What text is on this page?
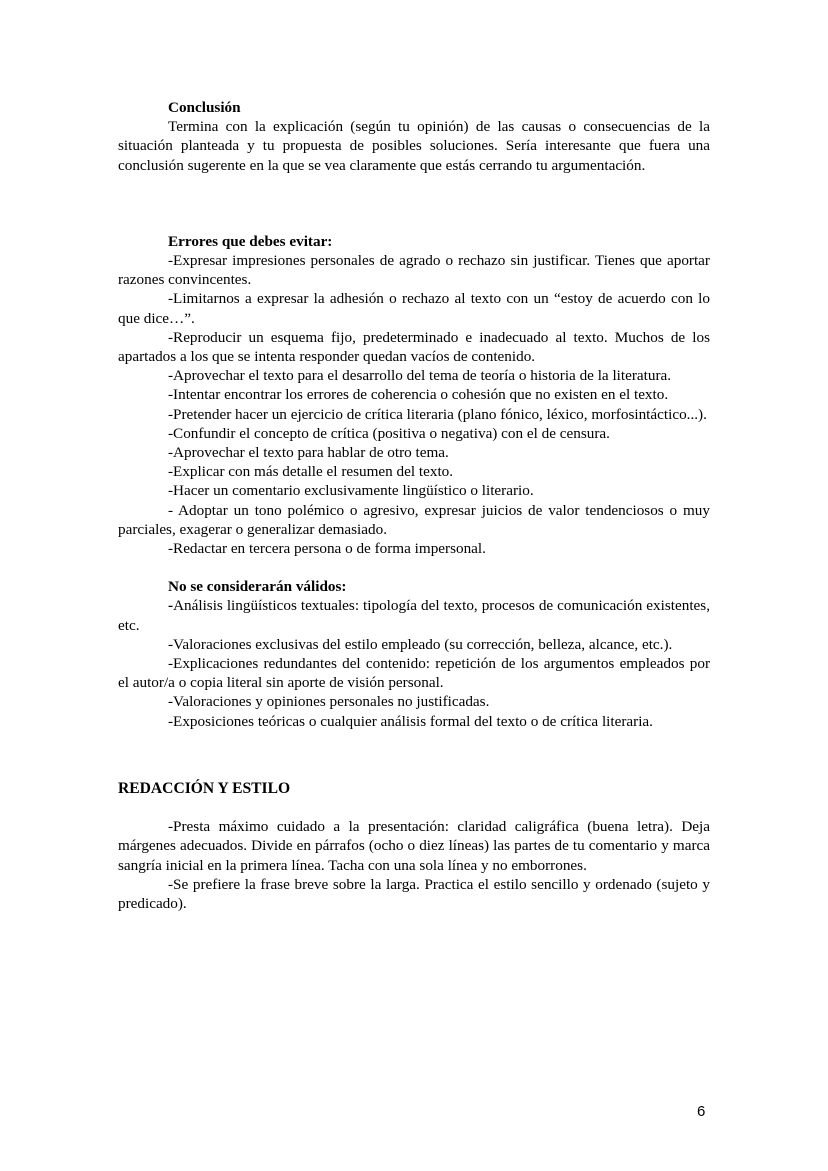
Conclusión

Termina con la explicación (según tu opinión) de las causas o consecuencias de la situación planteada y tu propuesta de posibles soluciones. Sería interesante que fuera una conclusión sugerente en la que se vea claramente que estás cerrando tu argumentación.

Errores que debes evitar:

-Expresar impresiones personales de agrado o rechazo sin justificar. Tienes que aportar razones convincentes.

-Limitarnos a expresar la adhesión o rechazo al texto con un “estoy de acuerdo con lo que dice…”.

-Reproducir un esquema fijo, predeterminado e inadecuado al texto. Muchos de los apartados a los que se intenta responder quedan vacíos de contenido.

-Aprovechar el texto para el desarrollo del tema de teoría o historia de la literatura.

-Intentar encontrar los errores de coherencia o cohesión que no existen en el texto.

-Pretender hacer un ejercicio de crítica literaria (plano fónico, léxico, morfosintáctico...).

-Confundir el concepto de crítica (positiva o negativa) con el de censura.

-Aprovechar el texto para hablar de otro tema.

-Explicar con más detalle el resumen del texto.

-Hacer un comentario exclusivamente lingüístico o literario.

- Adoptar un tono polémico o agresivo, expresar juicios de valor tendenciosos o muy parciales, exagerar o generalizar demasiado.

-Redactar en tercera persona o de forma impersonal.

No se considerarán válidos:

-Análisis lingüísticos textuales: tipología del texto, procesos de comunicación existentes, etc.

-Valoraciones exclusivas del estilo empleado (su corrección, belleza, alcance, etc.).

-Explicaciones redundantes del contenido: repetición de los argumentos empleados por el autor/a o copia literal sin aporte de visión personal.

-Valoraciones y opiniones personales no justificadas.

-Exposiciones teóricas o cualquier análisis formal del texto o de crítica literaria.

REDACCIÓN Y ESTILO

-Presta máximo cuidado a la presentación: claridad caligráfica (buena letra). Deja márgenes adecuados. Divide en párrafos (ocho o diez líneas) las partes de tu comentario y marca sangría inicial en la primera línea. Tacha con una sola línea y no emborrones.

-Se prefiere la frase breve sobre la larga. Practica el estilo sencillo y ordenado (sujeto y predicado).

6
